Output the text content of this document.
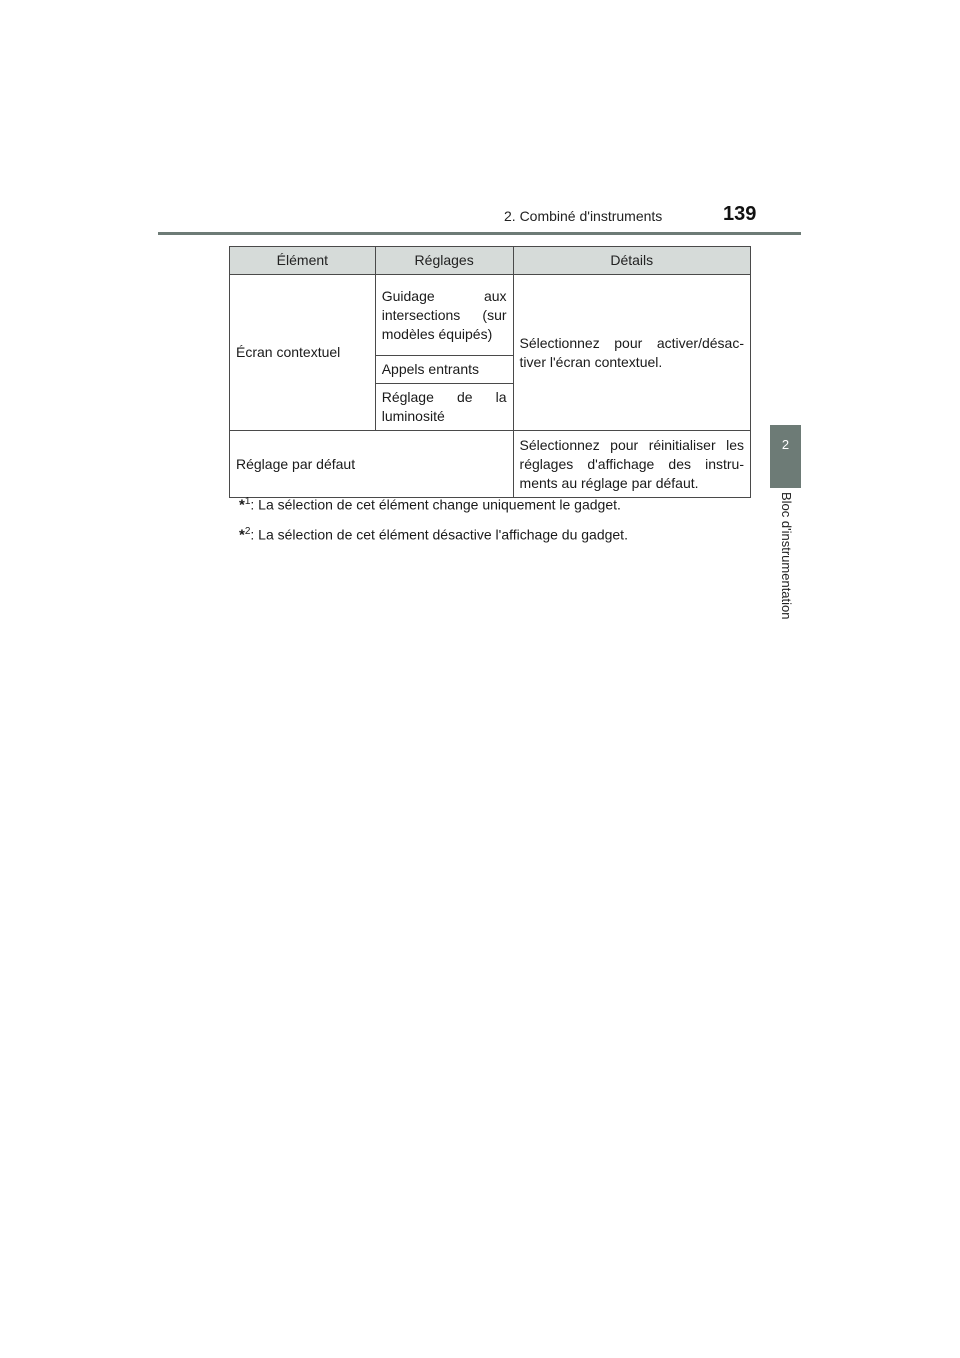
2. Combiné d'instruments	139
2
Bloc d'instrumentation
Élément	Réglages	Détails
Écran contextuel	Guidage aux intersections (sur modèles équipés)	Sélectionnez pour activer/désac-tiver l'écran contextuel.
	Appels entrants	
	Réglage de la luminosité	
Réglage par défaut		Sélectionnez pour réinitialiser les réglages d'affichage des instru-ments au réglage par défaut.
*$^1$: La sélection de cet élément change uniquement le gadget.
*$^2$: La sélection de cet élément désactive l'affichage du gadget.
